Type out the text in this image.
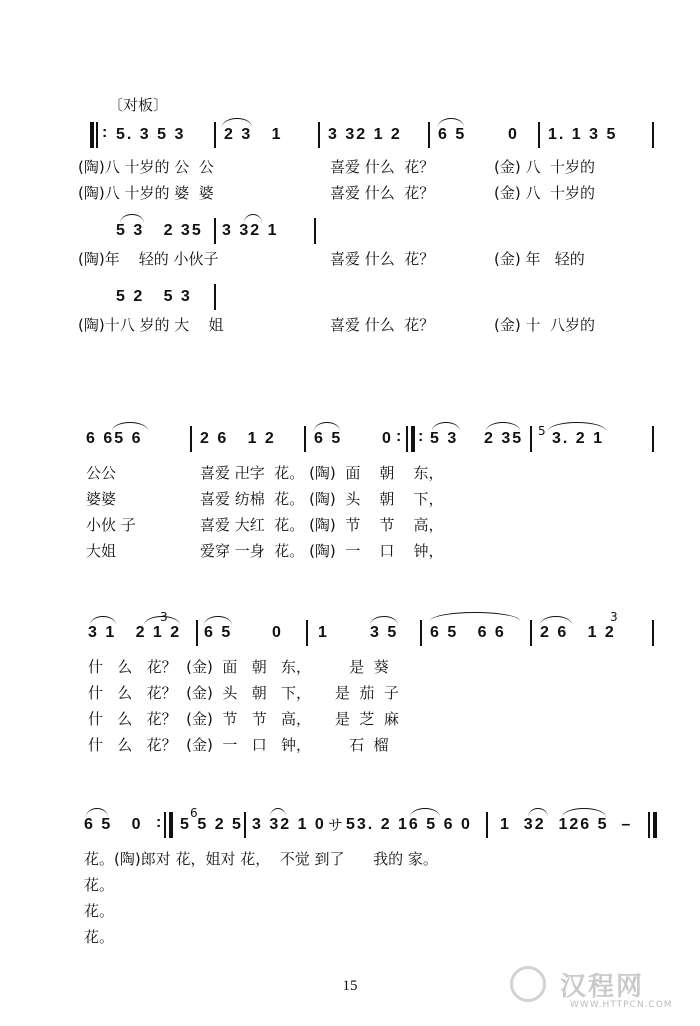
〔对板〕
: 5. 3 5 3 2 3   1	3 32 1 2 6 5	0 1. 1 3 5
(陶)八 十岁的 公  公	喜爱 什么  花？	(金) 八  十岁的
(陶)八 十岁的 婆  婆	喜爱 什么  花？	(金) 八  十岁的
5 3   2 35 3 32 1
(陶)年    轻的 小伙子	喜爱 什么  花？	(金) 年   轻的
5 2   5 3
(陶)十八 岁的 大    姐	喜爱 什么  花？	(金) 十  八岁的
6 65 6	2 6   1 2 6 5 0 : : 5 3 2 35 5 3. 2 1
公公	喜爱 卍字  花。 (陶)  面    朝    东，
婆婆	喜爱 纺棉  花。 (陶)  头    朝    下，
小伙 子	喜爱 大红  花。 (陶)  节    节    高，
大姐	爱穿 一身  花。 (陶)  一    口    钟，
3
3 1   2 1 2 6 5 0 1	3 5 6 5   6 6
3
2 6   1 2
什   么   花？  (金)  面   朝   东，        是  葵
什   么   花？  (金)  头   朝   下，     是  茄  子
什   么   花？  (金)  节   节   高，     是  芝  麻
什   么   花？  (金)  一   口   钟，        石  榴
6 5   0 :
6
5 5 2 5 3 32 1 0 サ 53. 2 16 5 6 0 1  32  126 5  –
花。(陶)郎对 花，姐对 花，  不觉 到了      我的 家。
花。
花。
花。
15	汉程网
WWW.HTTPCN.COM
